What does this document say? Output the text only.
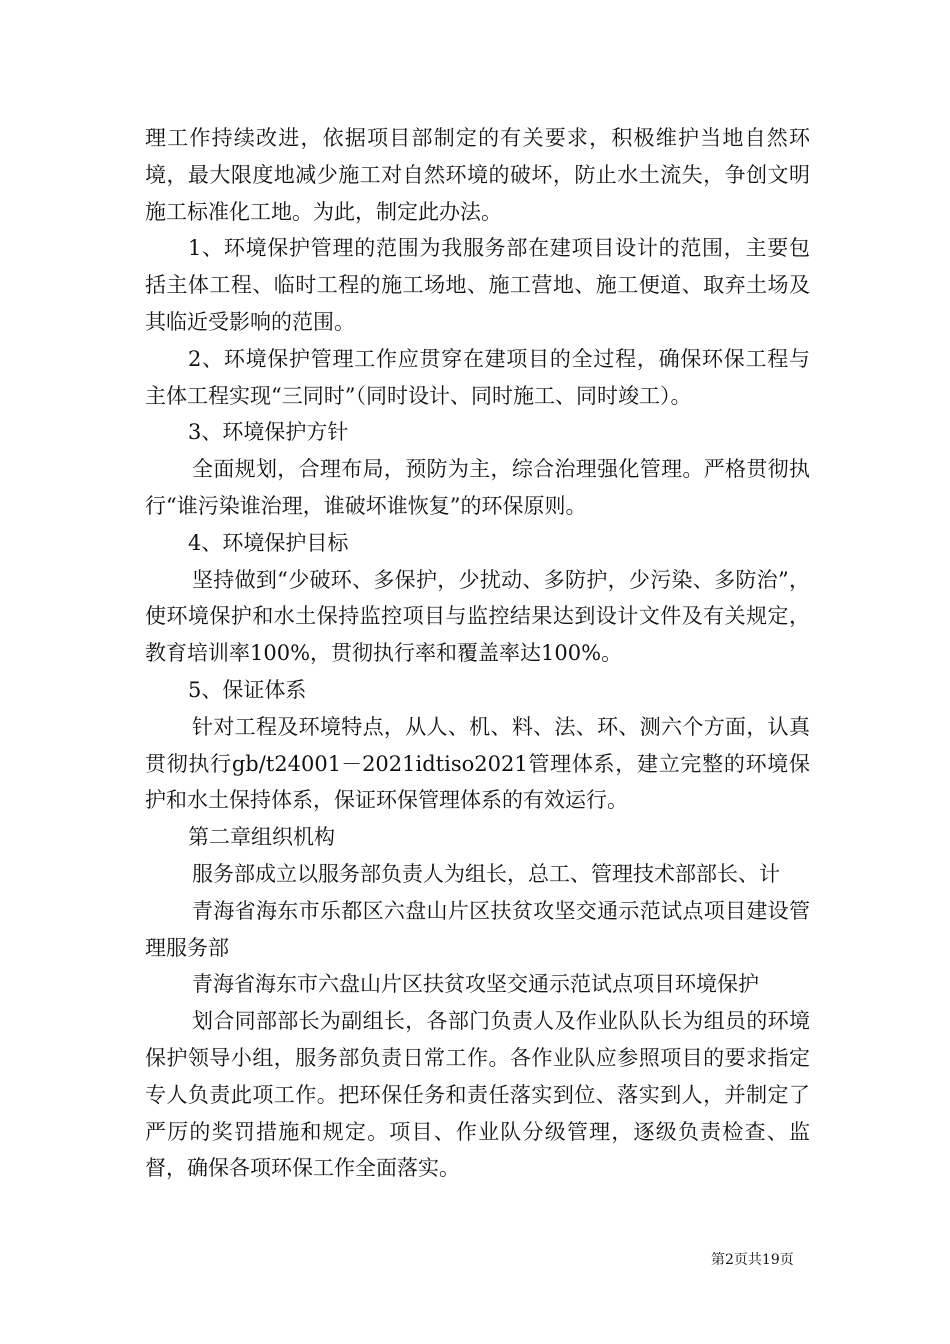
理工作持续改进，依据项目部制定的有关要求，积极维护当地自然环境，最大限度地减少施工对自然环境的破坏，防止水土流失，争创文明施工标准化工地。为此，制定此办法。

1、环境保护管理的范围为我服务部在建项目设计的范围，主要包括主体工程、临时工程的施工场地、施工营地、施工便道、取弃土场及其临近受影响的范围。

2、环境保护管理工作应贯穿在建项目的全过程，确保环保工程与主体工程实现“三同时”（同时设计、同时施工、同时竣工）。

3、环境保护方针

全面规划，合理布局，预防为主，综合治理强化管理。严格贯彻执行“谁污染谁治理，谁破坏谁恢复”的环保原则。

4、环境保护目标

坚持做到“少破环、多保护，少扰动、多防护，少污染、多防治”，使环境保护和水土保持监控项目与监控结果达到设计文件及有关规定，教育培训率100%，贯彻执行率和覆盖率达100%。

5、保证体系

针对工程及环境特点，从人、机、料、法、环、测六个方面，认真贯彻执行gb/t24001－2021idtiso2021管理体系，建立完整的环境保护和水土保持体系，保证环保管理体系的有效运行。

第二章组织机构

服务部成立以服务部负责人为组长，总工、管理技术部部长、计

青海省海东市乐都区六盘山片区扶贫攻坚交通示范试点项目建设管理服务部

青海省海东市六盘山片区扶贫攻坚交通示范试点项目环境保护

划合同部部长为副组长，各部门负责人及作业队队长为组员的环境保护领导小组，服务部负责日常工作。各作业队应参照项目的要求指定专人负责此项工作。把环保任务和责任落实到位、落实到人，并制定了严厉的奖罚措施和规定。项目、作业队分级管理，逐级负责检查、监督，确保各项环保工作全面落实。

第2页共19页
